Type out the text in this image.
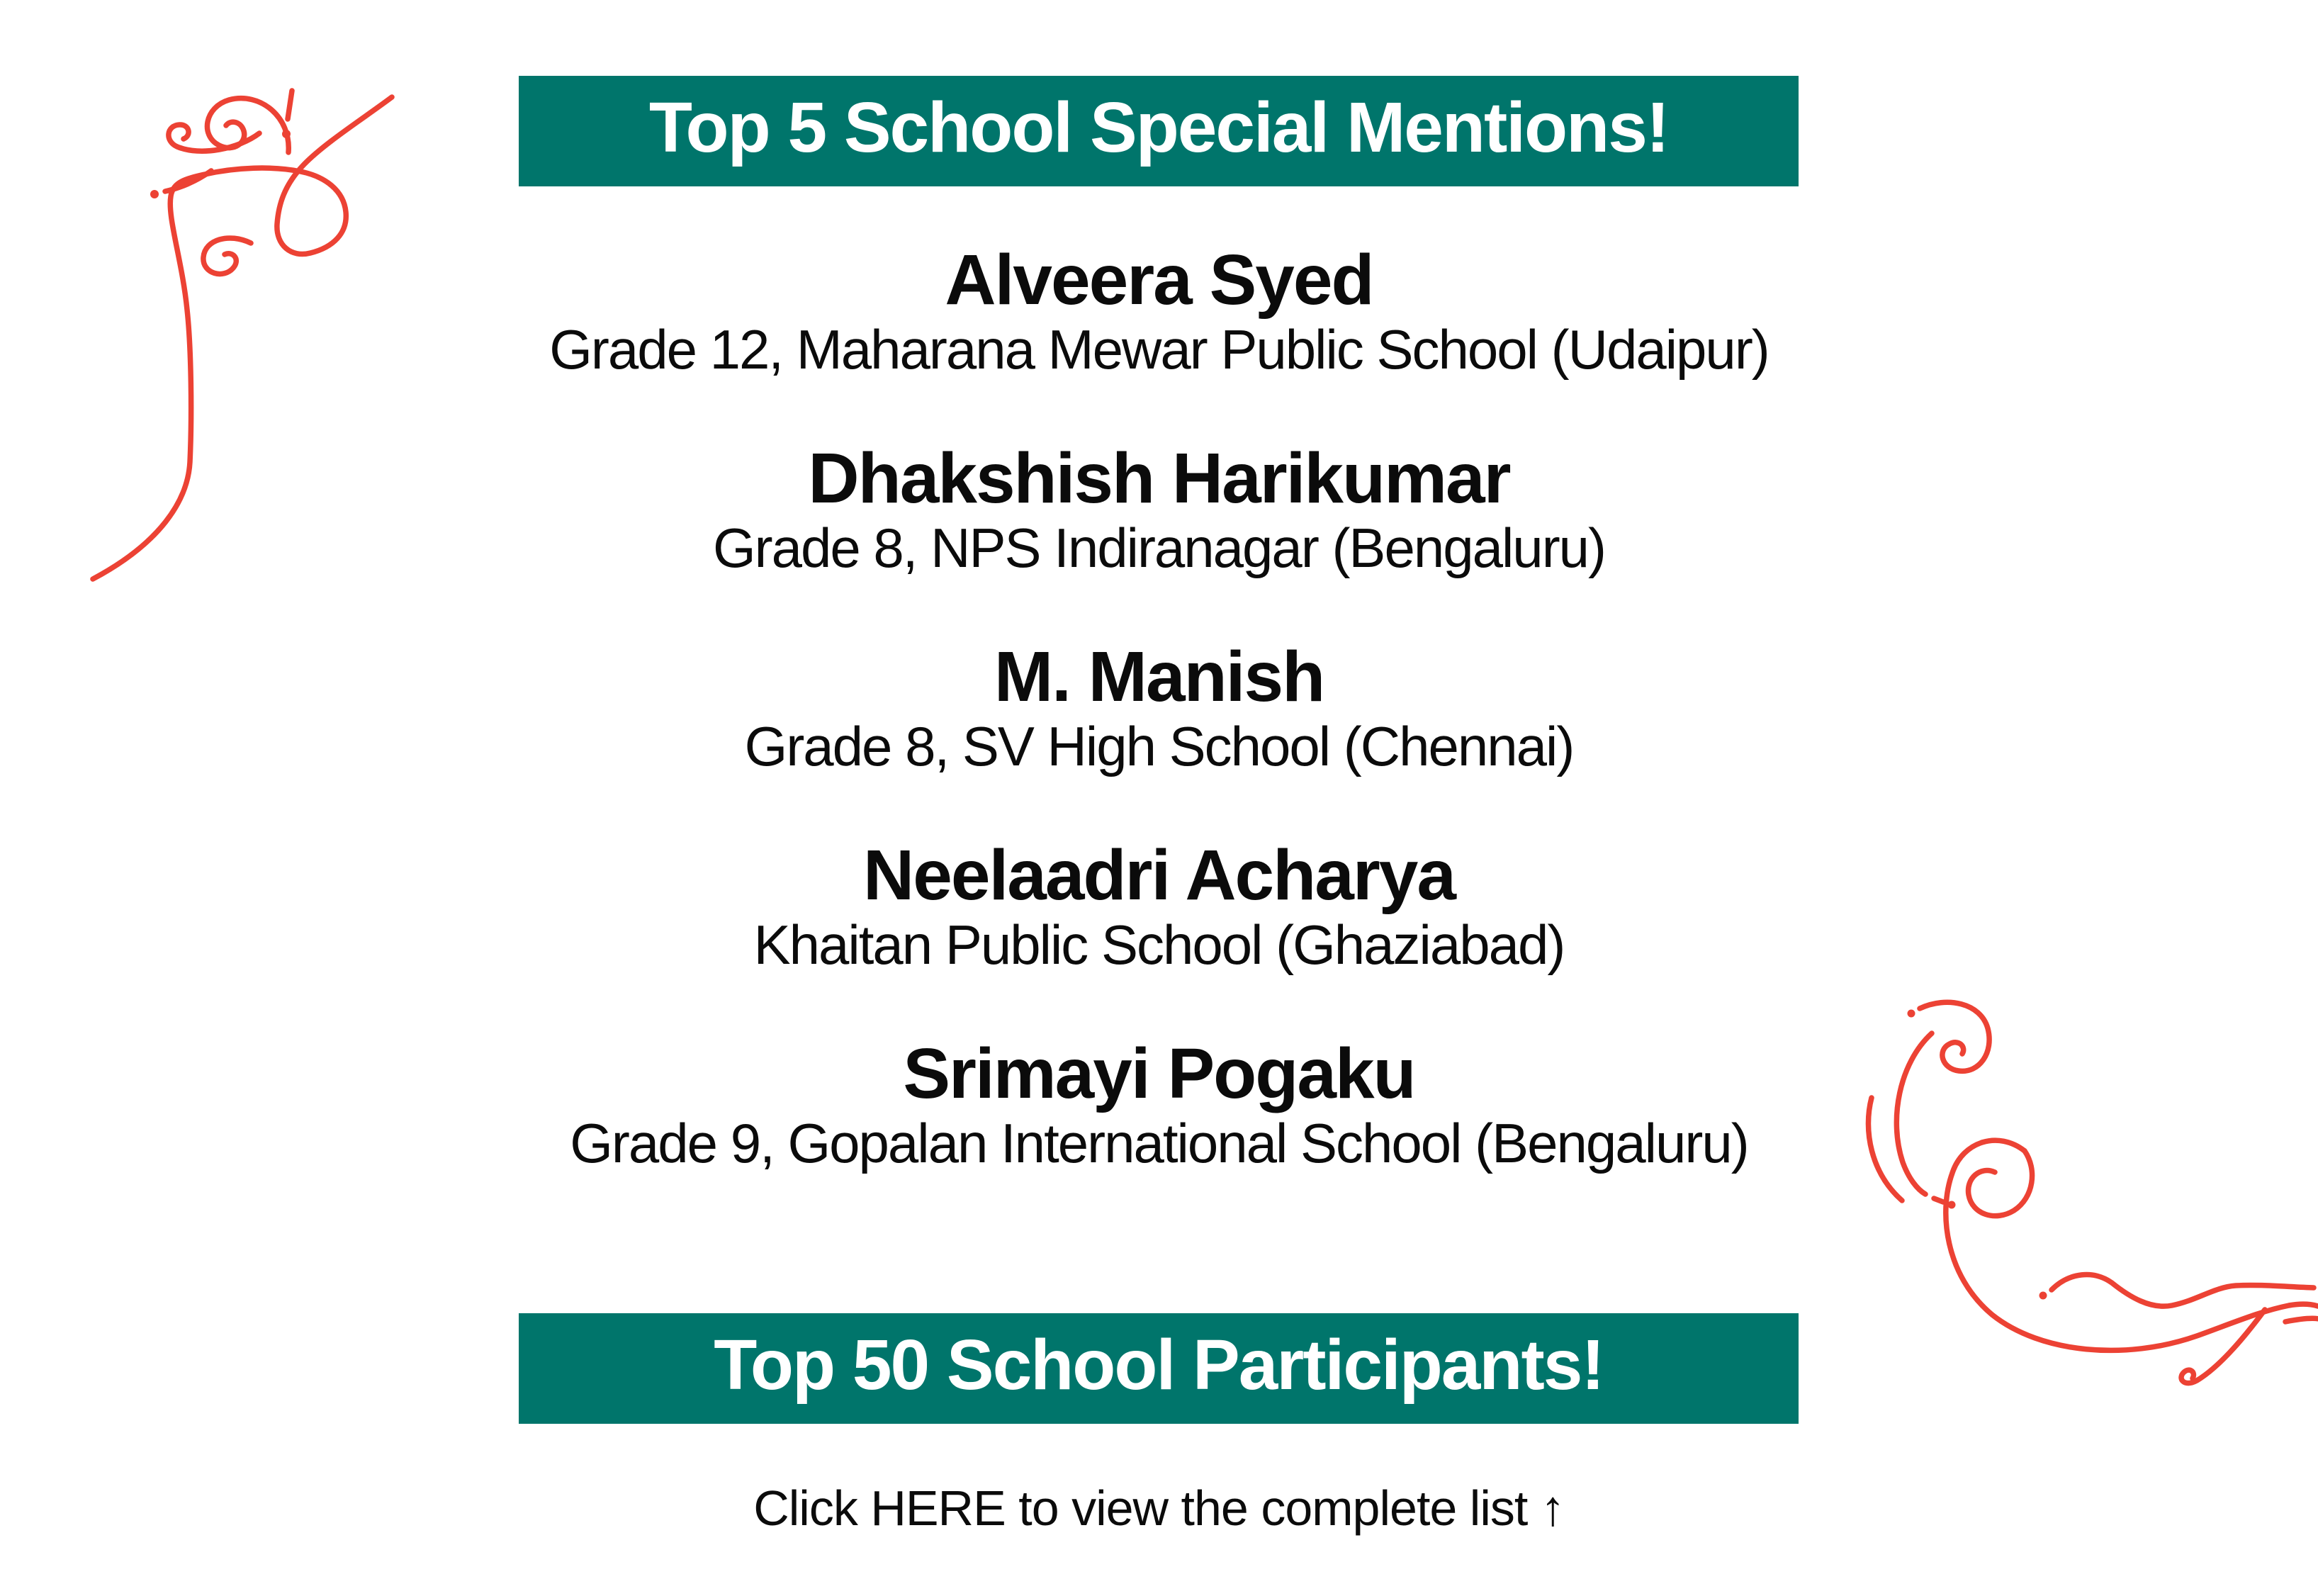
Top 5 School Special Mentions!
Alveera Syed
Grade 12, Maharana Mewar Public School (Udaipur)
Dhakshish Harikumar
Grade 8, NPS Indiranagar (Bengaluru)
M. Manish
Grade 8, SV High School (Chennai)
Neelaadri Acharya
Khaitan Public School (Ghaziabad)
Srimayi Pogaku
Grade 9, Gopalan International School (Bengaluru)
Top 50 School Participants!
Click HERE to view the complete list ↑
